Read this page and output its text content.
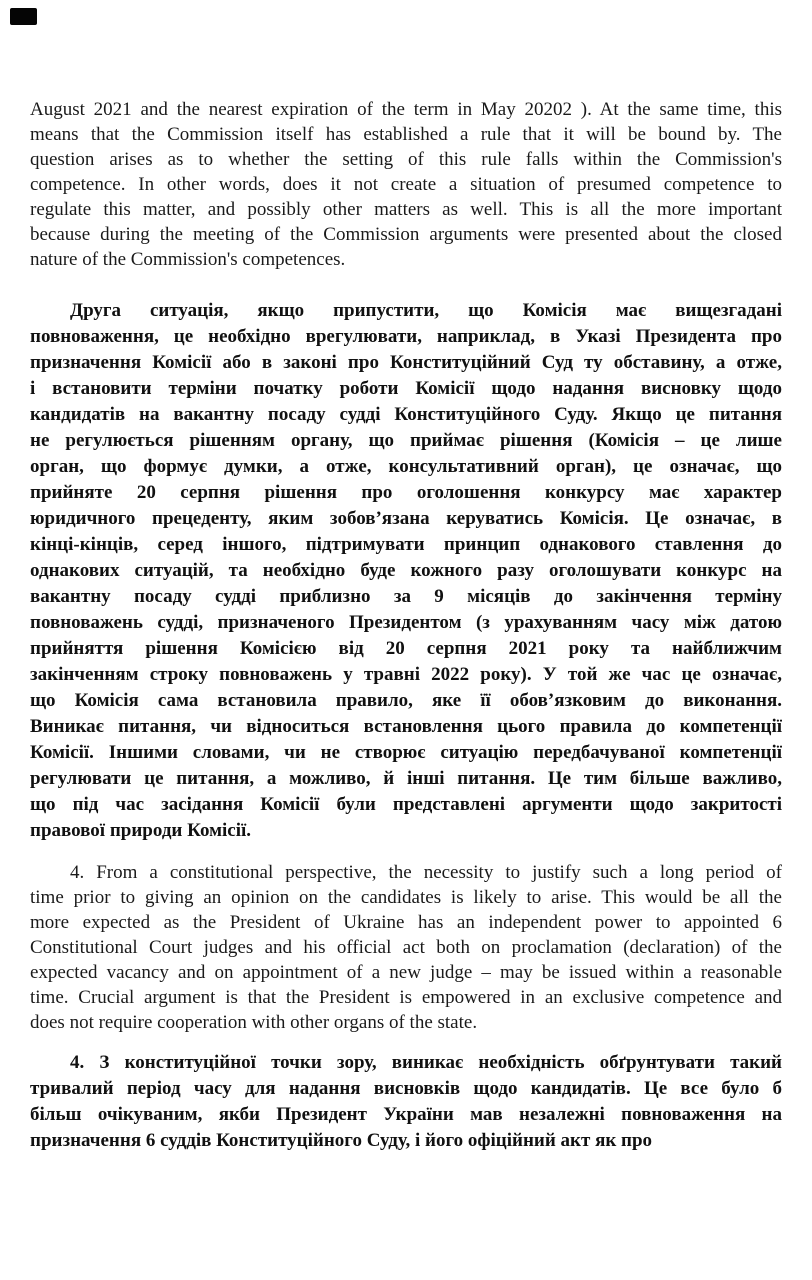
August 2021 and the nearest expiration of the term in May 20202 ). At the same time, this
means that the Commission itself has established a rule that it will be bound by. The
question arises as to whether the setting of this rule falls within the Commission's
competence. In other words, does it not create a situation of presumed competence to
regulate this matter, and possibly other matters as well. This is all the more important
because during the meeting of the Commission arguments were presented about the closed
nature of the Commission's competences.

Друга ситуація, якщо припустити, що Комісія має вищезгадані
повноваження, це необхідно врегулювати, наприклад, в Указі Президента про
призначення Комісії або в законі про Конституційний Суд ту обставину, а отже,
і встановити терміни початку роботи Комісії щодо надання висновку щодо
кандидатів на вакантну посаду судді Конституційного Суду. Якщо це питання
не регулюється рішенням органу, що приймає рішення (Комісія – це лише
орган, що формує думки, а отже, консультативний орган), це означає, що
прийняте 20 серпня рішення про оголошення конкурсу має характер
юридичного прецеденту, яким зобов’язана керуватись Комісія. Це означає, в
кінці-кінців, серед іншого, підтримувати принцип однакового ставлення до
однакових ситуацій, та необхідно буде кожного разу оголошувати конкурс на
вакантну посаду судді приблизно за 9 місяців до закінчення терміну
повноважень судді, призначеного Президентом (з урахуванням часу між датою
прийняття рішення Комісією від 20 серпня 2021 року та найближчим
закінченням строку повноважень у травні 2022 року). У той же час це означає,
що Комісія сама встановила правило, яке її обов’язковим до виконання.
Виникає питання, чи відноситься встановлення цього правила до компетенції
Комісії. Іншими словами, чи не створює ситуацію передбачуваної компетенції
регулювати це питання, а можливо, й інші питання. Це тим більше важливо,
що під час засідання Комісії були представлені аргументи щодо закритості
правової природи Комісії.

4. From a constitutional perspective, the necessity to justify such a long period of
time prior to giving an opinion on the candidates is likely to arise. This would be all the
more expected as the President of Ukraine has an independent power to appointed 6
Constitutional Court judges and his official act both on proclamation (declaration) of the
expected vacancy and on appointment of a new judge – may be issued within a reasonable
time. Crucial argument is that the President is empowered in an exclusive competence and
does not require cooperation with other organs of the state.

4. З конституційної точки зору, виникає необхідність обґрунтувати такий
тривалий період часу для надання висновків щодо кандидатів. Це все було б
більш очікуваним, якби Президент України мав незалежні повноваження на
призначення 6 суддів Конституційного Суду, і його офіційний акт як про
